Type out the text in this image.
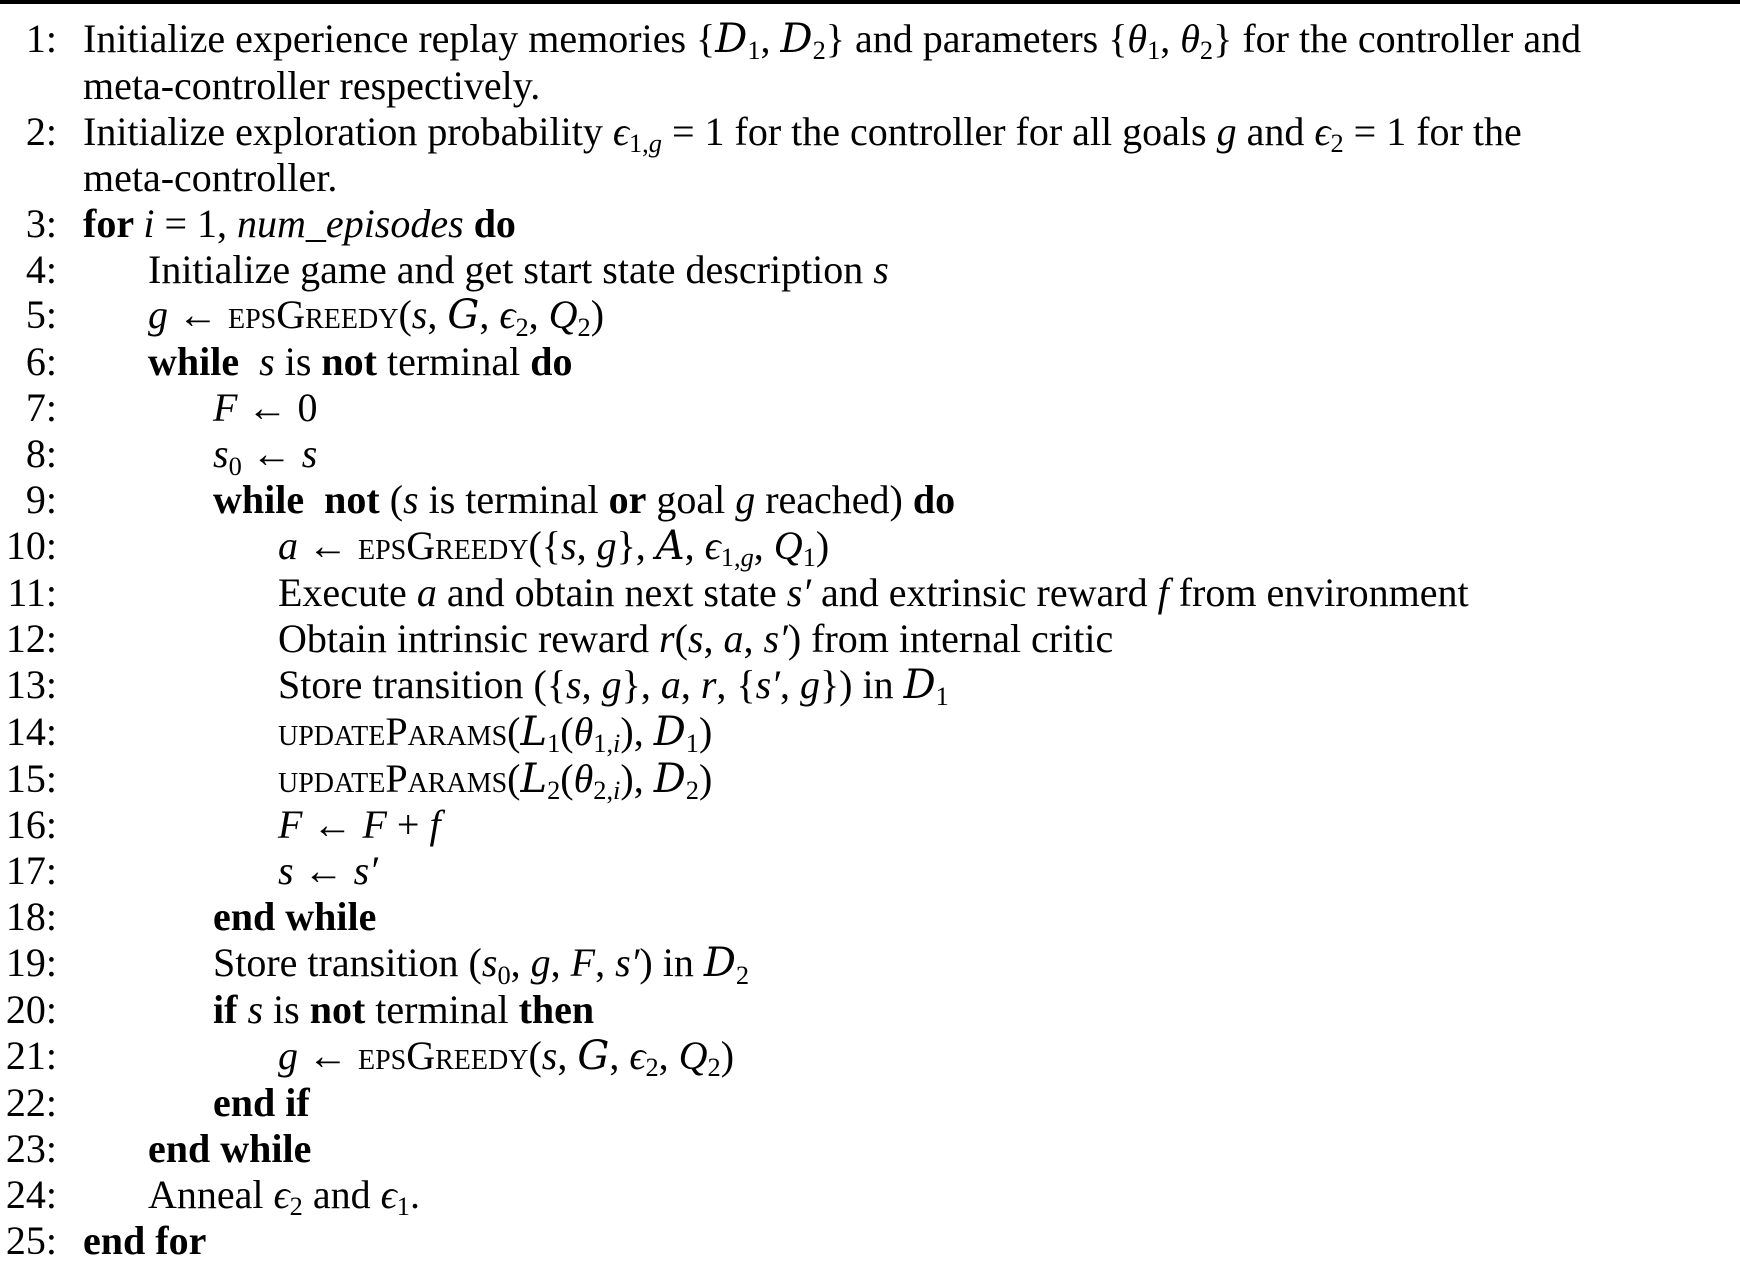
1: Initialize experience replay memories {D1, D2} and parameters {θ1, θ2} for the controller and
meta-controller respectively.
2: Initialize exploration probability ϵ1,g = 1 for the controller for all goals g and ϵ2 = 1 for the
meta-controller.
3: for i = 1, num_episodes do
4:	Initialize game and get start state description s
5:	g ← epsGreedy(s, G, ϵ2, Q2)
6:	while  s is not terminal do
7:	F ← 0
8:	s0 ← s
9:	while  not (s is terminal or goal g reached) do
10:	a ← epsGreedy({s, g}, A, ϵ1,g, Q1)
11:	Execute a and obtain next state s′ and extrinsic reward f from environment
12:	Obtain intrinsic reward r(s, a, s′) from internal critic
13:	Store transition ({s, g}, a, r, {s′, g}) in D1
14:	updateParams(L1(θ1,i), D1)
15:	updateParams(L2(θ2,i), D2)
16:	F ← F + f
17:	s ← s′
18:	end while
19:	Store transition (s0, g, F, s′) in D2
20:	if s is not terminal then
21:	g ← epsGreedy(s, G, ϵ2, Q2)
22:	end if
23:	end while
24:	Anneal ϵ2 and ϵ1.
25: end for
